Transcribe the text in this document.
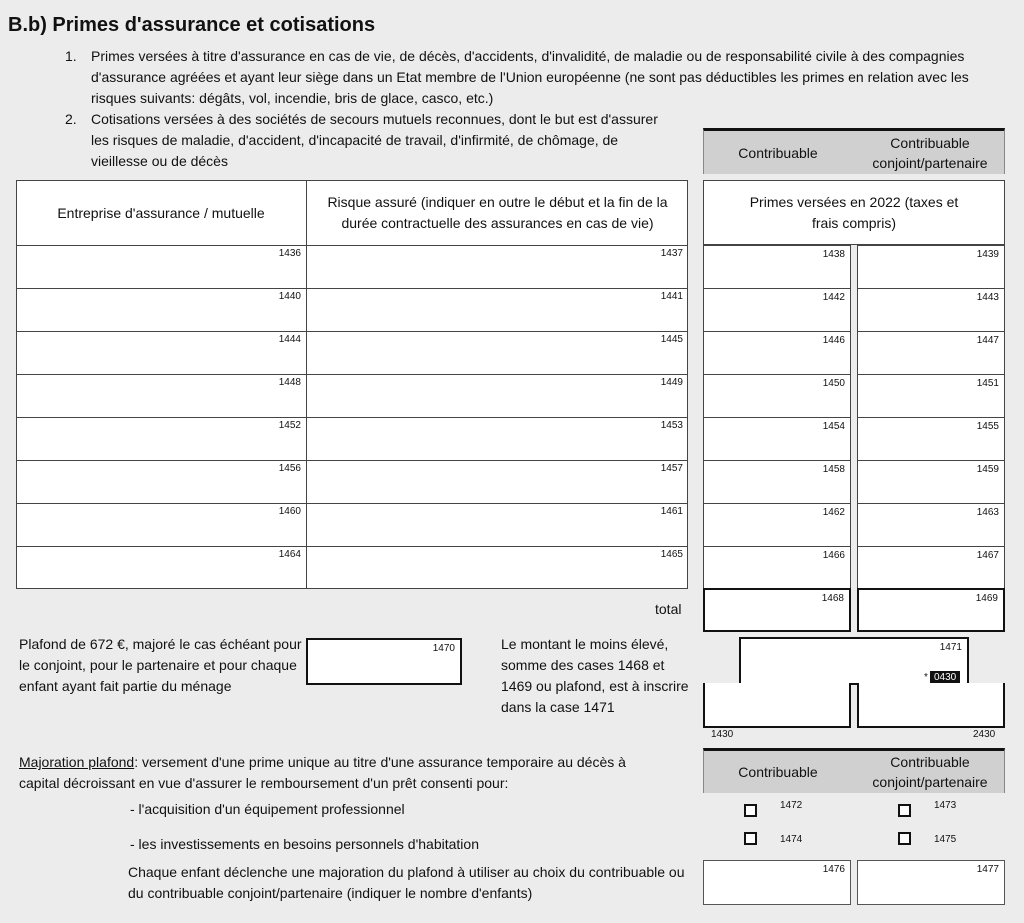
B.b) Primes d'assurance et cotisations
1. Primes versées à titre d'assurance en cas de vie, de décès, d'accidents, d'invalidité, de maladie ou de responsabilité civile à des compagnies d'assurance agréées et ayant leur siège dans un Etat membre de l'Union européenne (ne sont pas déductibles les primes en relation avec les risques suivants: dégâts, vol, incendie, bris de glace, casco, etc.)
2. Cotisations versées à des sociétés de secours mutuels reconnues, dont le but est d'assurer les risques de maladie, d'accident, d'incapacité de travail, d'infirmité, de chômage, de vieillesse ou de décès
Contribuable
Contribuable conjoint/partenaire
Entreprise d'assurance / mutuelle
Risque assuré (indiquer en outre le début et la fin de la durée contractuelle des assurances en cas de vie)
Primes versées en 2022 (taxes et frais compris)
1436	1437	1438	1439
1440	1441	1442	1443
1444	1445	1446	1447
1448	1449	1450	1451
1452	1453	1454	1455
1456	1457	1458	1459
1460	1461	1462	1463
1464	1465	1466	1467
total
1468	1469
Plafond de 672 €, majoré le cas échéant pour le conjoint, pour le partenaire et pour chaque enfant ayant fait partie du ménage
1470	Le montant le moins élevé, somme des cases 1468 et 1469 ou plafond, est à inscrire dans la case 1471
1471
* 0430
1430	2430
Majoration plafond: versement d'une prime unique au titre d'une assurance temporaire au décès à capital décroissant en vue d'assurer le remboursement d'un prêt consenti pour:
Contribuable
Contribuable conjoint/partenaire
- l'acquisition d'un équipement professionnel	1472	1473
- les investissements en besoins personnels d'habitation	1474	1475
Chaque enfant déclenche une majoration du plafond à utiliser au choix du contribuable ou du contribuable conjoint/partenaire (indiquer le nombre d'enfants)
1476	1477
